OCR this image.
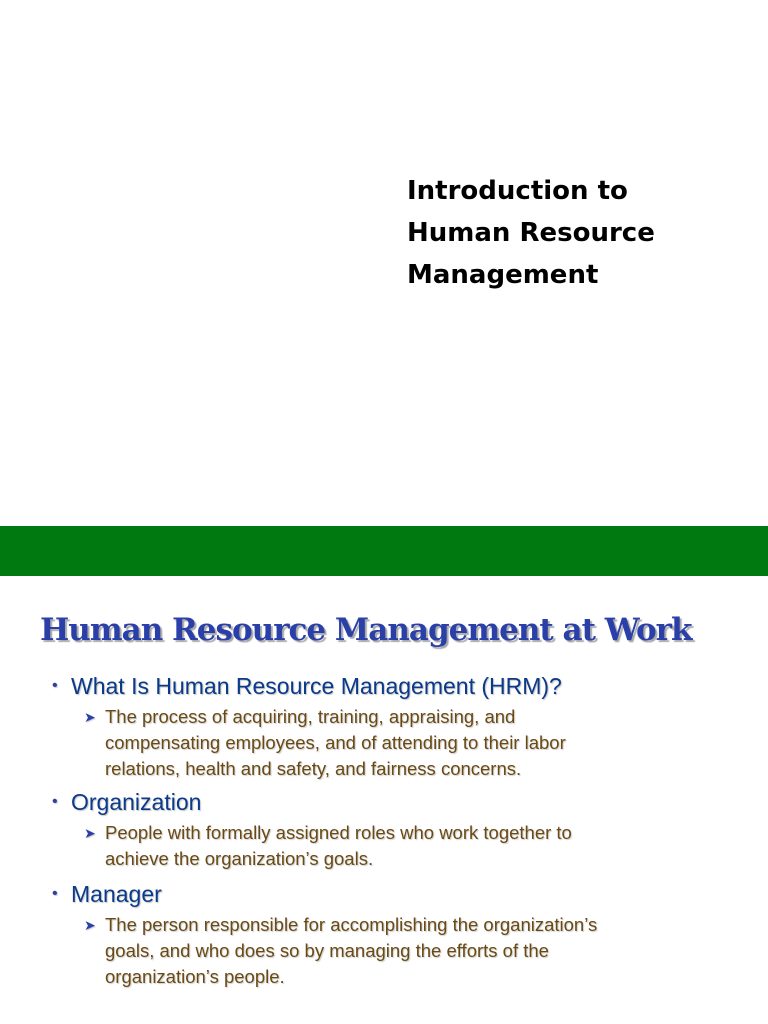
Introduction to
Human Resource
Management
Human Resource Management at Work
• What Is Human Resource Management (HRM)?
➤ The process of acquiring, training, appraising, and
compensating employees, and of attending to their labor
relations, health and safety, and fairness concerns.
• Organization
➤ People with formally assigned roles who work together to
achieve the organization’s goals.
• Manager
➤ The person responsible for accomplishing the organization’s
goals, and who does so by managing the efforts of the
organization’s people.
